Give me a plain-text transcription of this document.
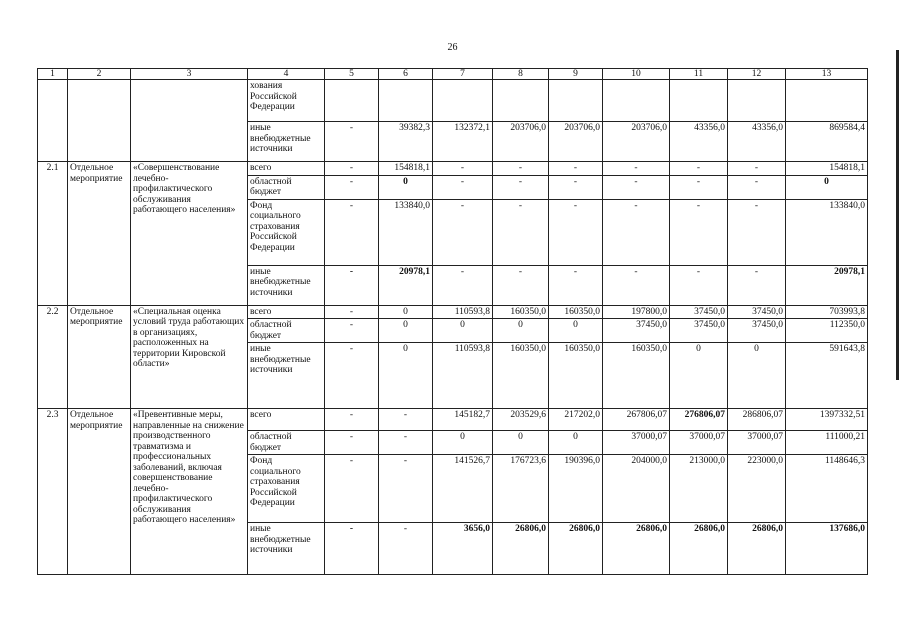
26
1	2	3	4	5	6	7	8	9	10	11	12	13
			хования Российской Федерации									
			иные внебюджетные источники	-	39382,3	132372,1	203706,0	203706,0	203706,0	43356,0	43356,0	869584,4
2.1	Отдельное мероприятие	«Совершенствование лечебно-профилактического обслуживания работающего населения»	всего	-	154818,1	-	-	-	-	-	-	154818,1
			областной бюджет	-	0	-	-	-	-	-	-	0
			Фонд социального страхования Российской Федерации	-	133840,0	-	-	-	-	-	-	133840,0
			иные внебюджетные источники	-	20978,1	-	-	-	-	-	-	20978,1
2.2	Отдельное мероприятие	«Специальная оценка условий труда работающих в организациях, расположенных на территории Кировской области»	всего	-	0	110593,8	160350,0	160350,0	197800,0	37450,0	37450,0	703993,8
			областной бюджет	-	0	0	0	0	37450,0	37450,0	37450,0	112350,0
			иные внебюджетные источники	-	0	110593,8	160350,0	160350,0	160350,0	0	0	591643,8
2.3	Отдельное мероприятие	«Превентивные меры, направленные на снижение производственного травматизма и профессиональных заболеваний, включая совершенствование лечебно-профилактического обслуживания работающего населения»	всего	-	-	145182,7	203529,6	217202,0	267806,07	276806,07	286806,07	1397332,51
			областной бюджет	-	-	0	0	0	37000,07	37000,07	37000,07	111000,21
			Фонд социального страхования Российской Федерации	-	-	141526,7	176723,6	190396,0	204000,0	213000,0	223000,0	1148646,3
			иные внебюджетные источники	-	-	3656,0	26806,0	26806,0	26806,0	26806,0	26806,0	137686,0
